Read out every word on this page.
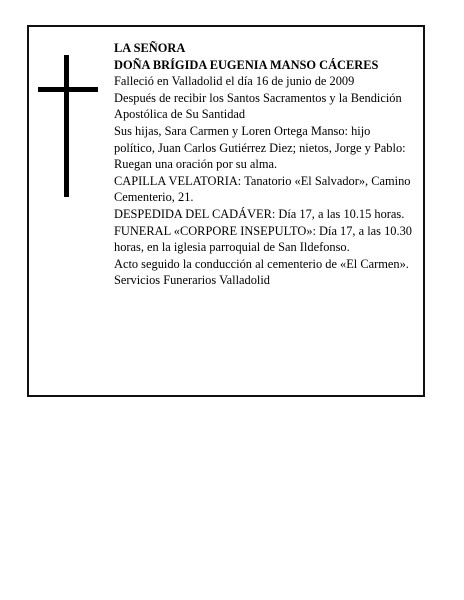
LA SEÑORA

DOÑA BRÍGIDA EUGENIA MANSO CÁCERES

Falleció en Valladolid el día 16 de junio de 2009

Después de recibir los Santos Sacramentos y la Bendición Apostólica de Su Santidad

Sus hijas, Sara Carmen y Loren Ortega Manso: hijo político, Juan Carlos Gutiérrez Diez; nietos, Jorge y Pablo:

Ruegan una oración por su alma.

CAPILLA VELATORIA: Tanatorio «El Salvador», Camino Cementerio, 21.

DESPEDIDA DEL CADÁVER: Día 17, a las 10.15 horas.

FUNERAL «CORPORE INSEPULTO»: Día 17, a las 10.30 horas, en la iglesia parroquial de San Ildefonso.

Acto seguido la conducción al cementerio de «El Carmen».

Servicios Funerarios Valladolid
